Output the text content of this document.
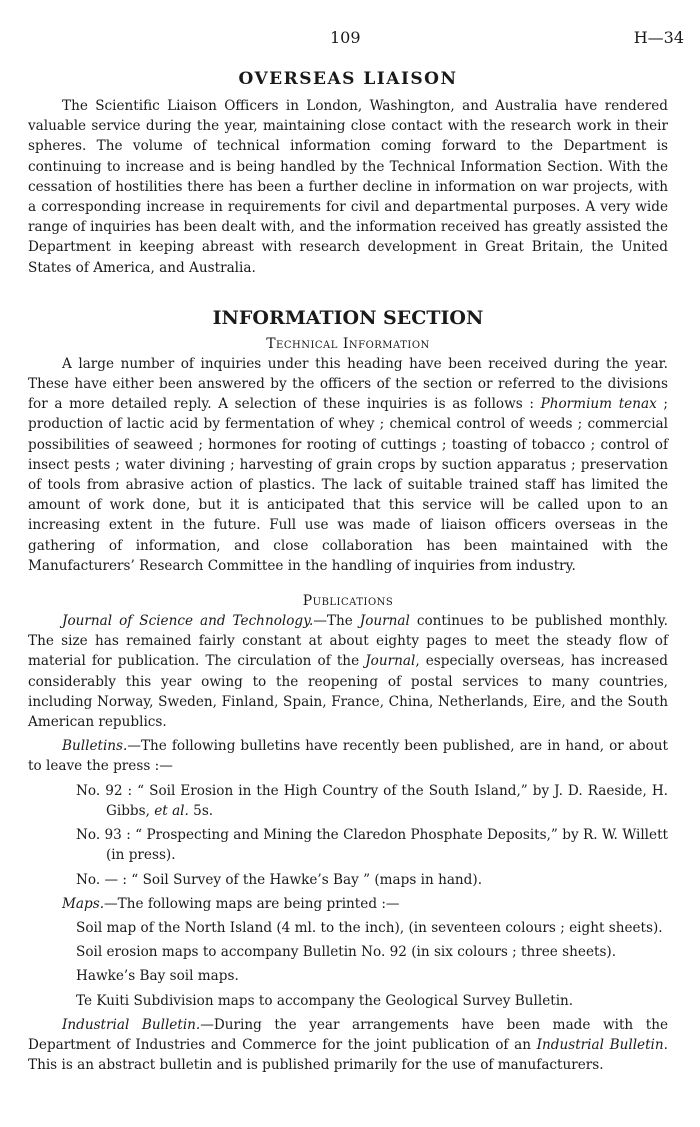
109	H—34
OVERSEAS LIAISON

The Scientific Liaison Officers in London, Washington, and Australia have rendered valuable service during the year, maintaining close contact with the research work in their spheres. The volume of technical information coming forward to the Department is continuing to increase and is being handled by the Technical Information Section. With the cessation of hostilities there has been a further decline in information on war projects, with a corresponding increase in requirements for civil and departmental purposes. A very wide range of inquiries has been dealt with, and the information received has greatly assisted the Department in keeping abreast with research development in Great Britain, the United States of America, and Australia.

INFORMATION SECTION
Technical Information

A large number of inquiries under this heading have been received during the year. These have either been answered by the officers of the section or referred to the divisions for a more detailed reply. A selection of these inquiries is as follows : Phormium tenax ; production of lactic acid by fermentation of whey ; chemical control of weeds ; commercial possibilities of seaweed ; hormones for rooting of cuttings ; toasting of tobacco ; control of insect pests ; water divining ; harvesting of grain crops by suction apparatus ; preservation of tools from abrasive action of plastics. The lack of suitable trained staff has limited the amount of work done, but it is anticipated that this service will be called upon to an increasing extent in the future. Full use was made of liaison officers overseas in the gathering of information, and close collaboration has been maintained with the Manufacturers’ Research Committee in the handling of inquiries from industry.

Publications

Journal of Science and Technology.—The Journal continues to be published monthly. The size has remained fairly constant at about eighty pages to meet the steady flow of material for publication. The circulation of the Journal, especially overseas, has increased considerably this year owing to the reopening of postal services to many countries, including Norway, Sweden, Finland, Spain, France, China, Netherlands, Eire, and the South American republics.

Bulletins.—The following bulletins have recently been published, are in hand, or about to leave the press :—

No. 92 : “ Soil Erosion in the High Country of the South Island,” by J. D. Raeside, H. Gibbs, et al. 5s.

No. 93 : “ Prospecting and Mining the Claredon Phosphate Deposits,” by R. W. Willett (in press).

No. — : “ Soil Survey of the Hawke’s Bay ” (maps in hand).

Maps.—The following maps are being printed :—

Soil map of the North Island (4 ml. to the inch), (in seventeen colours ; eight sheets).

Soil erosion maps to accompany Bulletin No. 92 (in six colours ; three sheets).

Hawke’s Bay soil maps.

Te Kuiti Subdivision maps to accompany the Geological Survey Bulletin.

Industrial Bulletin.—During the year arrangements have been made with the Department of Industries and Commerce for the joint publication of an Industrial Bulletin. This is an abstract bulletin and is published primarily for the use of manufacturers.
